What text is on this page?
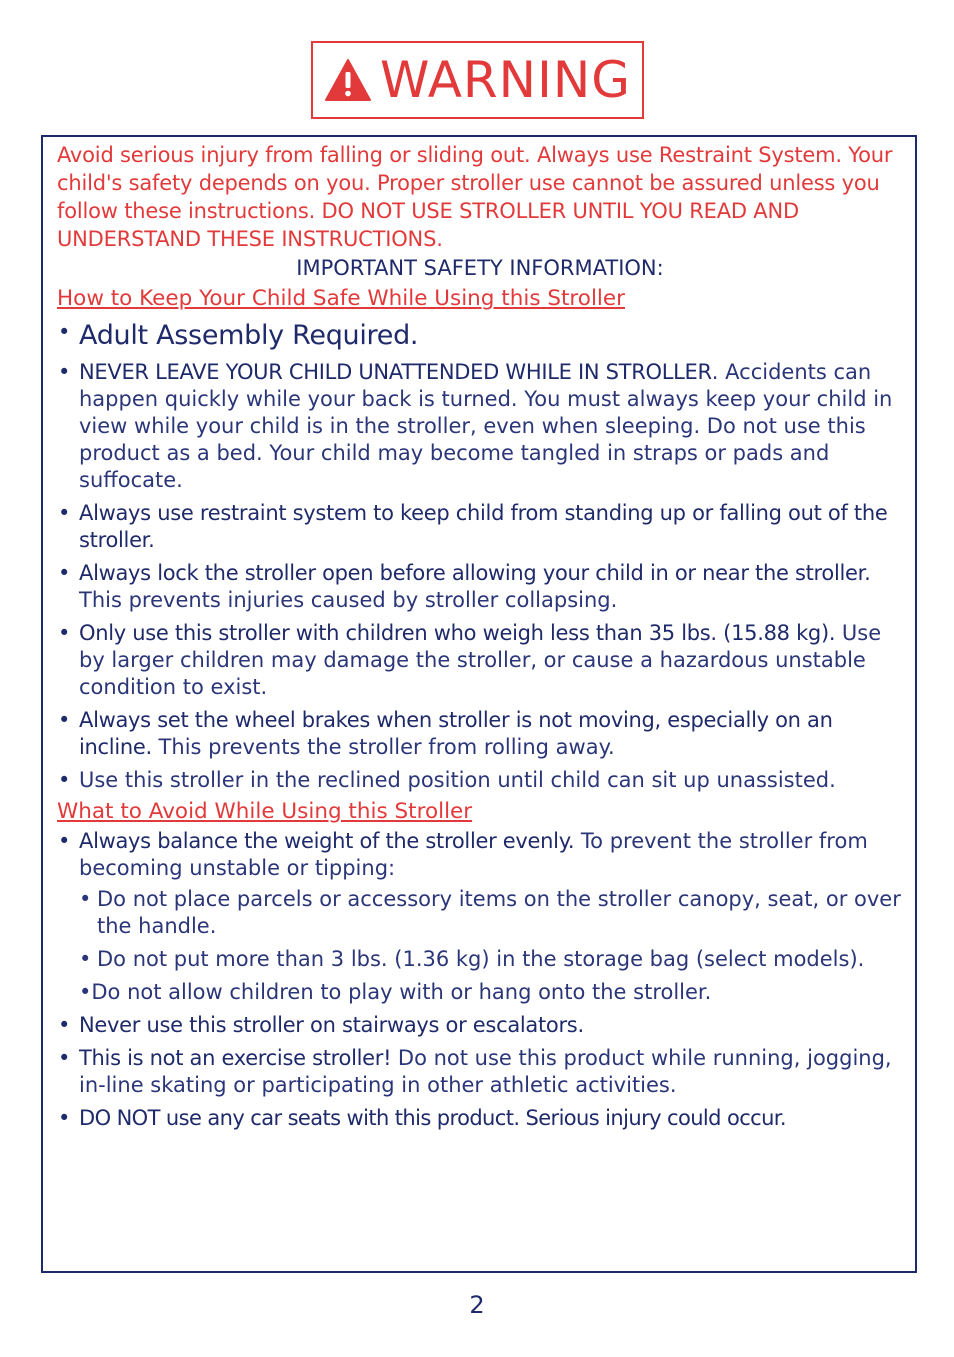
WARNING

Avoid serious injury from falling or sliding out. Always use Restraint System. Your child's safety depends on you. Proper stroller use cannot be assured unless you follow these instructions. DO NOT USE STROLLER UNTIL YOU READ AND UNDERSTAND THESE INSTRUCTIONS.

IMPORTANT SAFETY INFORMATION:

How to Keep Your Child Safe While Using this Stroller

• Adult Assembly Required.
• NEVER LEAVE YOUR CHILD UNATTENDED WHILE IN STROLLER. Accidents can happen quickly while your back is turned. You must always keep your child in view while your child is in the stroller, even when sleeping. Do not use this product as a bed. Your child may become tangled in straps or pads and suffocate.
• Always use restraint system to keep child from standing up or falling out of the stroller.
• Always lock the stroller open before allowing your child in or near the stroller. This prevents injuries caused by stroller collapsing.
• Only use this stroller with children who weigh less than 35 lbs. (15.88 kg). Use by larger children may damage the stroller, or cause a hazardous unstable condition to exist.
• Always set the wheel brakes when stroller is not moving, especially on an incline. This prevents the stroller from rolling away.
• Use this stroller in the reclined position until child can sit up unassisted.

What to Avoid While Using this Stroller

• Always balance the weight of the stroller evenly. To prevent the stroller from becoming unstable or tipping:
• Do not place parcels or accessory items on the stroller canopy, seat, or over the handle.
• Do not put more than 3 lbs. (1.36 kg) in the storage bag (select models).
•Do not allow children to play with or hang onto the stroller.
• Never use this stroller on stairways or escalators.
• This is not an exercise stroller! Do not use this product while running, jogging, in-line skating or participating in other athletic activities.
• DO NOT use any car seats with this product. Serious injury could occur.
2
